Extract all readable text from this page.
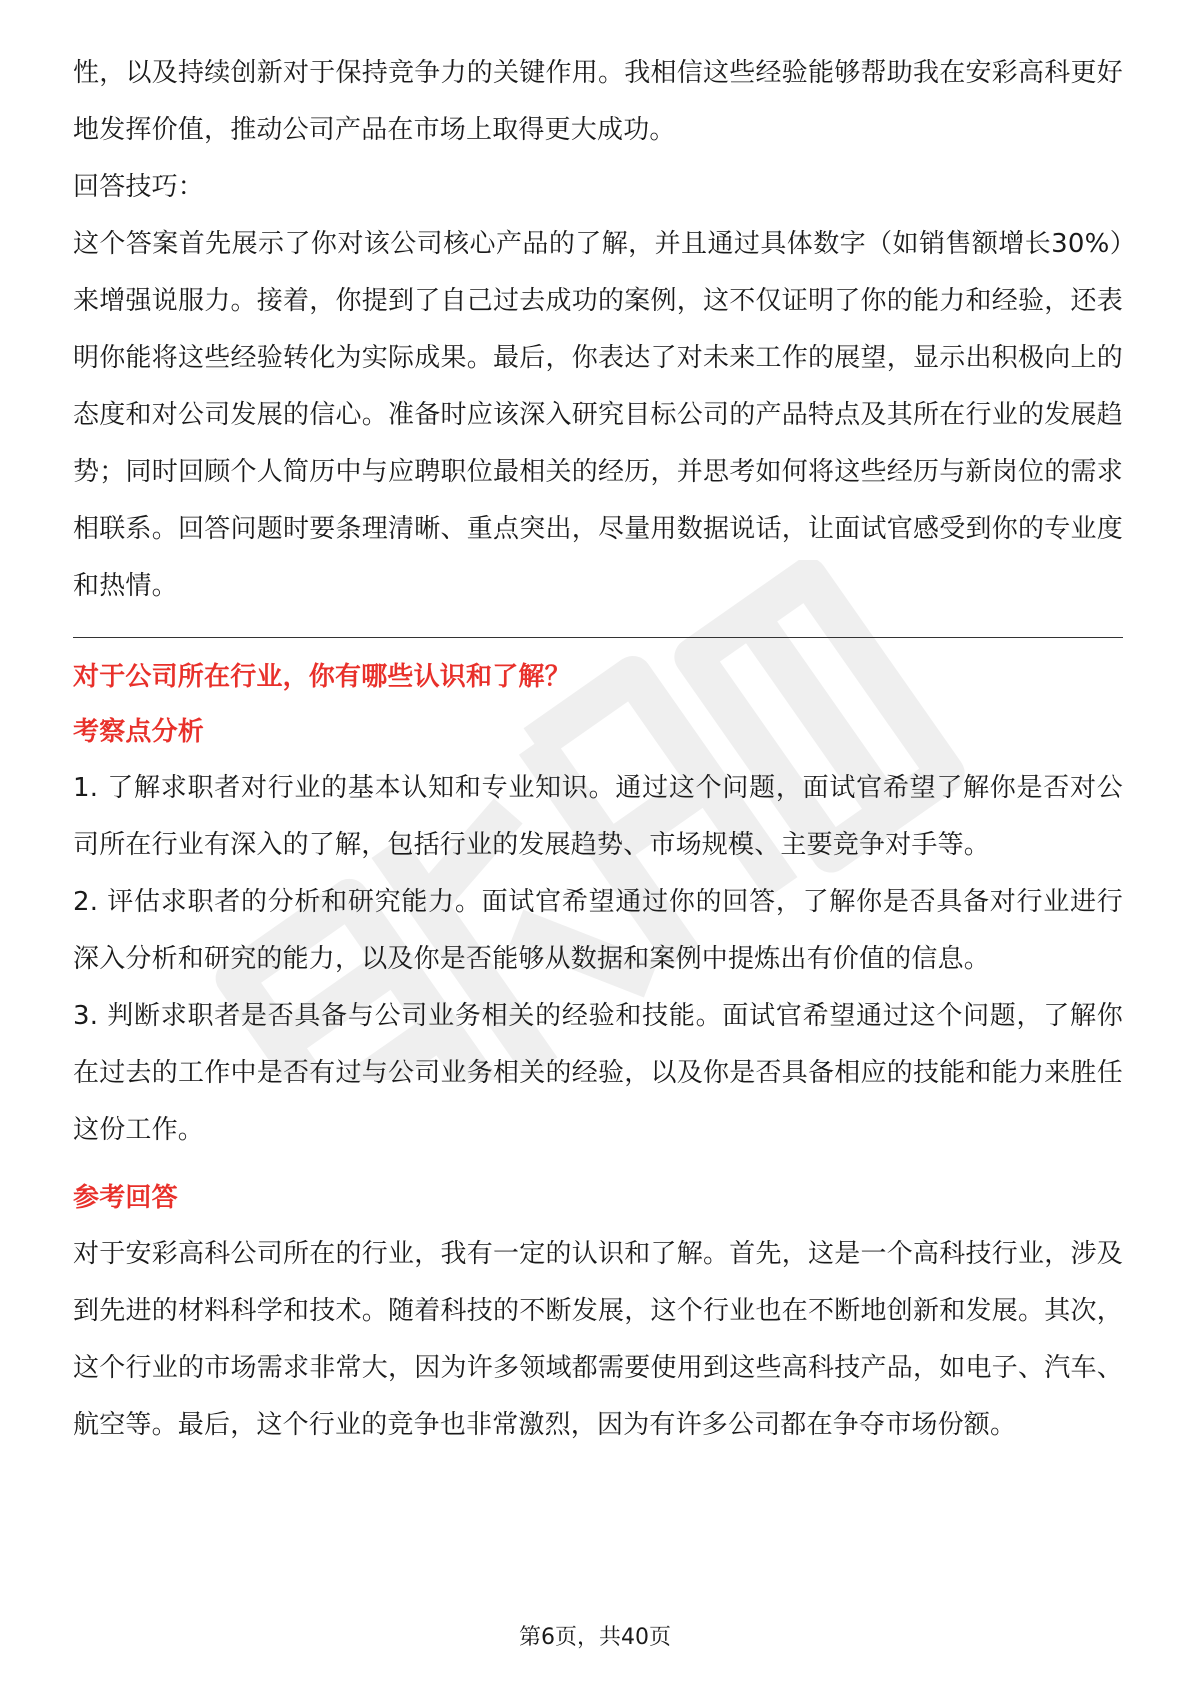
性，以及持续创新对于保持竞争力的关键作用。我相信这些经验能够帮助我在安彩高科更好地发挥价值，推动公司产品在市场上取得更大成功。

回答技巧：

这个答案首先展示了你对该公司核心产品的了解，并且通过具体数字（如销售额增长30%）来增强说服力。接着，你提到了自己过去成功的案例，这不仅证明了你的能力和经验，还表明你能将这些经验转化为实际成果。最后，你表达了对未来工作的展望，显示出积极向上的态度和对公司发展的信心。准备时应该深入研究目标公司的产品特点及其所在行业的发展趋势；同时回顾个人简历中与应聘职位最相关的经历，并思考如何将这些经历与新岗位的需求相联系。回答问题时要条理清晰、重点突出，尽量用数据说话，让面试官感受到你的专业度和热情。

对于公司所在行业，你有哪些认识和了解？

考察点分析

1. 了解求职者对行业的基本认知和专业知识。通过这个问题，面试官希望了解你是否对公司所在行业有深入的了解，包括行业的发展趋势、市场规模、主要竞争对手等。

2. 评估求职者的分析和研究能力。面试官希望通过你的回答，了解你是否具备对行业进行深入分析和研究的能力，以及你是否能够从数据和案例中提炼出有价值的信息。

3. 判断求职者是否具备与公司业务相关的经验和技能。面试官希望通过这个问题，了解你在过去的工作中是否有过与公司业务相关的经验，以及你是否具备相应的技能和能力来胜任这份工作。

参考回答

对于安彩高科公司所在的行业，我有一定的认识和了解。首先，这是一个高科技行业，涉及到先进的材料科学和技术。随着科技的不断发展，这个行业也在不断地创新和发展。其次，这个行业的市场需求非常大，因为许多领域都需要使用到这些高科技产品，如电子、汽车、航空等。最后，这个行业的竞争也非常激烈，因为有许多公司都在争夺市场份额。

第6页，共40页
